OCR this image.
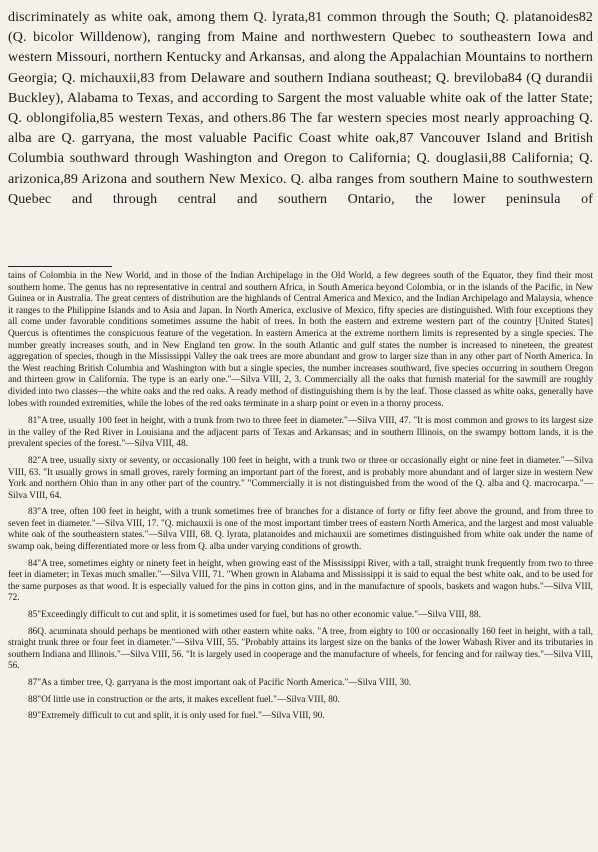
discriminately as white oak, among them Q. lyrata,81 common through the South; Q. platanoides82 (Q. bicolor Willdenow), ranging from Maine and northwestern Quebec to southeastern Iowa and western Missouri, northern Kentucky and Arkansas, and along the Appalachian Mountains to northern Georgia; Q. michauxii,83 from Delaware and southern Indiana southeast; Q. breviloba84 (Q durandii Buckley), Alabama to Texas, and according to Sargent the most valuable white oak of the latter State; Q. oblongifolia,85 western Texas, and others.86 The far western species most nearly approaching Q. alba are Q. garryana, the most valuable Pacific Coast white oak,87 Vancouver Island and British Columbia southward through Washington and Oregon to California; Q. douglasii,88 California; Q. arizonica,89 Arizona and southern New Mexico. Q. alba ranges from southern Maine to southwestern Quebec and through central and southern Ontario, the lower peninsula of

tains of Colombia in the New World, and in those of the Indian Archipelago in the Old World, a few degrees south of the Equator, they find their most southern home. The genus has no representative in central and southern Africa, in South America beyond Colombia, or in the islands of the Pacific, in New Guinea or in Australia. The great centers of distribution are the highlands of Central America and Mexico, and the Indian Archipelago and Malaysia, whence it ranges to the Philippine Islands and to Asia and Japan. In North America, exclusive of Mexico, fifty species are distinguished. With four exceptions they all come under favorable conditions sometimes assume the habit of trees. In both the eastern and extreme western part of the country [United States] Quercus is oftentimes the conspicuous feature of the vegetation. In eastern America at the extreme northern limits is represented by a single species. The number greatly increases south, and in New England ten grow. In the south Atlantic and gulf states the number is increased to nineteen, the greatest aggregation of species, though in the Mississippi Valley the oak trees are more abundant and grow to larger size than in any other part of North America. In the West reaching British Columbia and Washington with but a single species, the number increases southward, five species occurring in southern Oregon and thirteen grow in California. The type is an early one."—Silva VIII, 2, 3. Commercially all the oaks that furnish material for the sawmill are roughly divided into two classes—the white oaks and the red oaks. A ready method of distinguishing them is by the leaf. Those classed as white oaks, generally have lobes with rounded extremities, while the lobes of the red oaks terminate in a sharp point or even in a thorny process.

81"A tree, usually 100 feet in height, with a trunk from two to three feet in diameter."—Silva VIII, 47. "It is most common and grows to its largest size in the valley of the Red River in Louisiana and the adjacent parts of Texas and Arkansas; and in southern Illinois, on the swampy bottom lands, it is the prevalent species of the forest."—Silva VIII, 48.

82"A tree, usually sixty or seventy, or occasionally 100 feet in height, with a trunk two or three or occasionally eight or nine feet in diameter."—Silva VIII, 63. "It usually grows in small groves, rarely forming an important part of the forest, and is probably more abundant and of larger size in western New York and northern Ohio than in any other part of the country." "Commercially it is not distinguished from the wood of the Q. alba and Q. macrocarpa."—Silva VIII, 64.

83"A tree, often 100 feet in height, with a trunk sometimes free of branches for a distance of forty or fifty feet above the ground, and from three to seven feet in diameter."—Silva VIII, 17. "Q. michauxii is one of the most important timber trees of eastern North America, and the largest and most valuable white oak of the southeastern states."—Silva VIII, 68. Q. lyrata, platanoides and michauxii are sometimes distinguished from white oak under the name of swamp oak, being differentiated more or less from Q. alba under varying conditions of growth.

84"A tree, sometimes eighty or ninety feet in height, when growing east of the Mississippi River, with a tall, straight trunk frequently from two to three feet in diameter; in Texas much smaller."—Silva VIII, 71. "When grown in Alabama and Mississippi it is said to equal the best white oak, and to be used for the same purposes as that wood. It is especially valued for the pins in cotton gins, and in the manufacture of spools, baskets and wagon hubs."—Silva VIII, 72.

85"Exceedingly difficult to cut and split, it is sometimes used for fuel, but has no other economic value."—Silva VIII, 88.

86Q. acuminata should perhaps be mentioned with other eastern white oaks. "A tree, from eighty to 100 or occasionally 160 feet in height, with a tall, straight trunk three or four feet in diameter."—Silva VIII, 55. "Probably attains its largest size on the banks of the lower Wabash River and its tributaries in southern Indiana and Illinois."—Silva VIII, 56. "It is largely used in cooperage and the manufacture of wheels, for fencing and for railway ties."—Silva VIII, 56.

87"As a timber tree, Q. garryana is the most important oak of Pacific North America."—Silva VIII, 30.

88"Of little use in construction or the arts, it makes excellent fuel."—Silva VIII, 80.

89"Extremely difficult to cut and split, it is only used for fuel."—Silva VIII, 90.
